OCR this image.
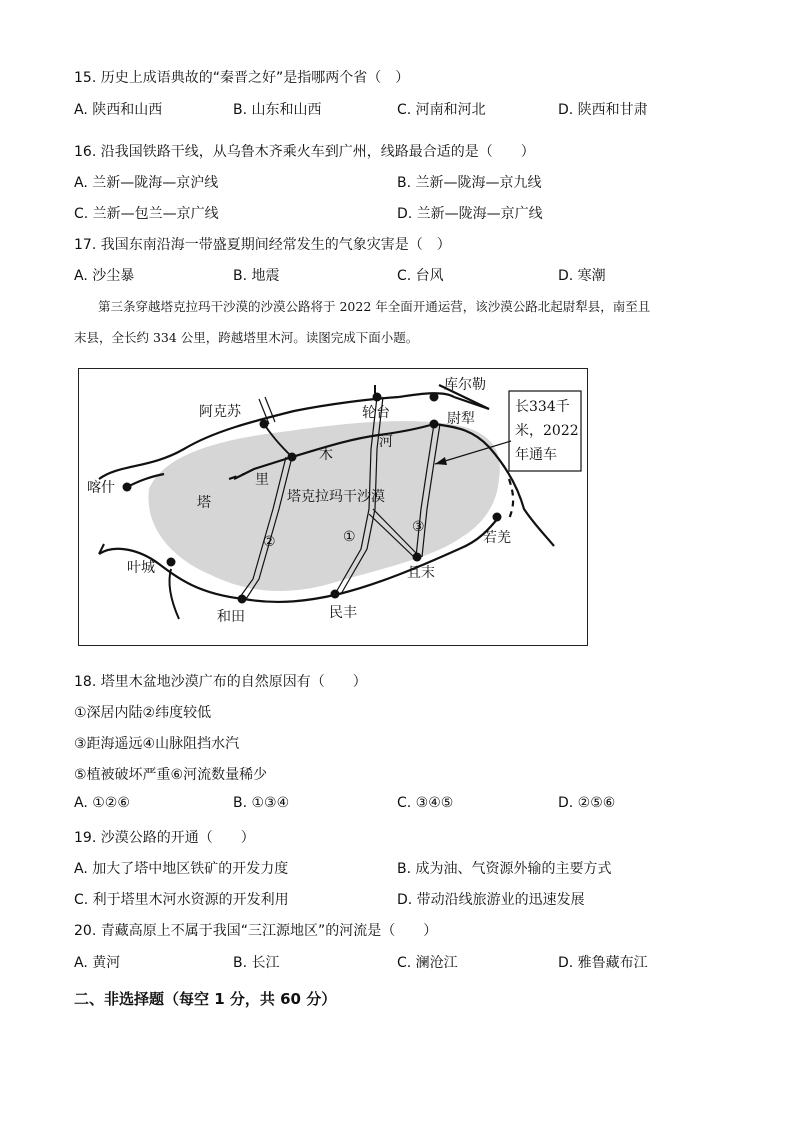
15. 历史上成语典故的“秦晋之好”是指哪两个省（　）
A. 陕西和山西	B. 山东和山西	C. 河南和河北	D. 陕西和甘肃
16. 沿我国铁路干线，从乌鲁木齐乘火车到广州，线路最合适的是（　　）
A. 兰新—陇海—京沪线	B. 兰新—陇海—京九线
C. 兰新—包兰—京广线	D. 兰新—陇海—京广线
17. 我国东南沿海一带盛夏期间经常发生的气象灾害是（　）
A. 沙尘暴	B. 地震	C. 台风	D. 寒潮
第三条穿越塔克拉玛干沙漠的沙漠公路将于 2022 年全面开通运营，该沙漠公路北起尉犁县，南至且
末县，全长约 334 公里，跨越塔里木河。读图完成下面小题。
喀什
阿克苏	轮台
库尔勒
尉犁
若羌
且末
民丰
和田
叶城
塔
里
木
河
塔克拉玛干沙漠
长334千
米，2022
年通车
①
②
③
18. 塔里木盆地沙漠广布的自然原因有（　　）
①深居内陆②纬度较低
③距海遥远④山脉阻挡水汽
⑤植被破坏严重⑥河流数量稀少
A. ①②⑥	B. ①③④	C. ③④⑤	D. ②⑤⑥
19. 沙漠公路的开通（　　）
A. 加大了塔中地区铁矿的开发力度	B. 成为油、气资源外输的主要方式
C. 利于塔里木河水资源的开发利用	D. 带动沿线旅游业的迅速发展
20. 青藏高原上不属于我国“三江源地区”的河流是（　　）
A. 黄河	B. 长江	C. 澜沧江	D. 雅鲁藏布江
二、非选择题（每空 1 分，共 60 分）
